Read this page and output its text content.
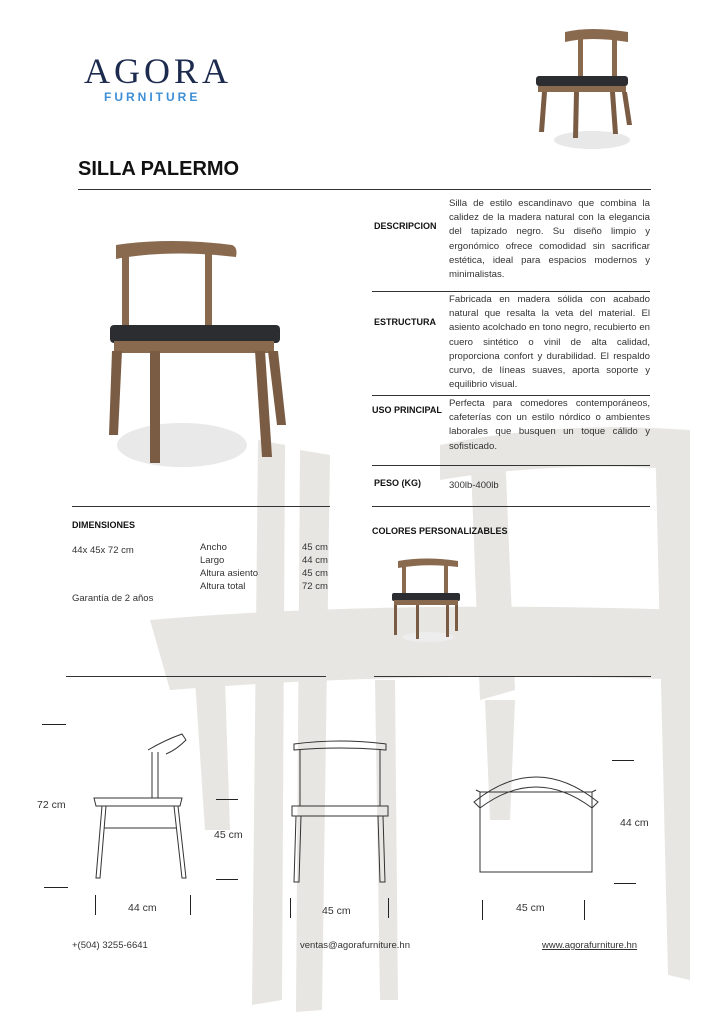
AGORA
FURNITURE
SILLA PALERMO
DESCRIPCION
Silla de estilo escandinavo que combina la calidez de la madera natural con la elegancia del tapizado negro. Su diseño limpio y ergonómico ofrece comodidad sin sacrificar estética, ideal para espacios modernos y minimalistas.
ESTRUCTURA
Fabricada en madera sólida con acabado natural que resalta la veta del material. El asiento acolchado en tono negro, recubierto en cuero sintético o vinil de alta calidad, proporciona confort y durabilidad. El respaldo curvo, de líneas suaves, aporta soporte y equilibrio visual.
USO PRINCIPAL
Perfecta para comedores contemporáneos, cafeterías con un estilo nórdico o ambientes laborales que busquen un toque cálido y sofisticado.
PESO (KG)	300lb-400lb
DIMENSIONES
44x 45x 72 cm	Ancho	45 cm
Largo	44 cm
Altura asiento	45 cm
Altura total	72 cm
Garantía de 2 años
COLORES PERSONALIZABLES
72 cm
45 cm
44 cm	45 cm
44 cm
45 cm
+(504) 3255-6641	ventas@agorafurniture.hn	www.agorafurniture.hn
